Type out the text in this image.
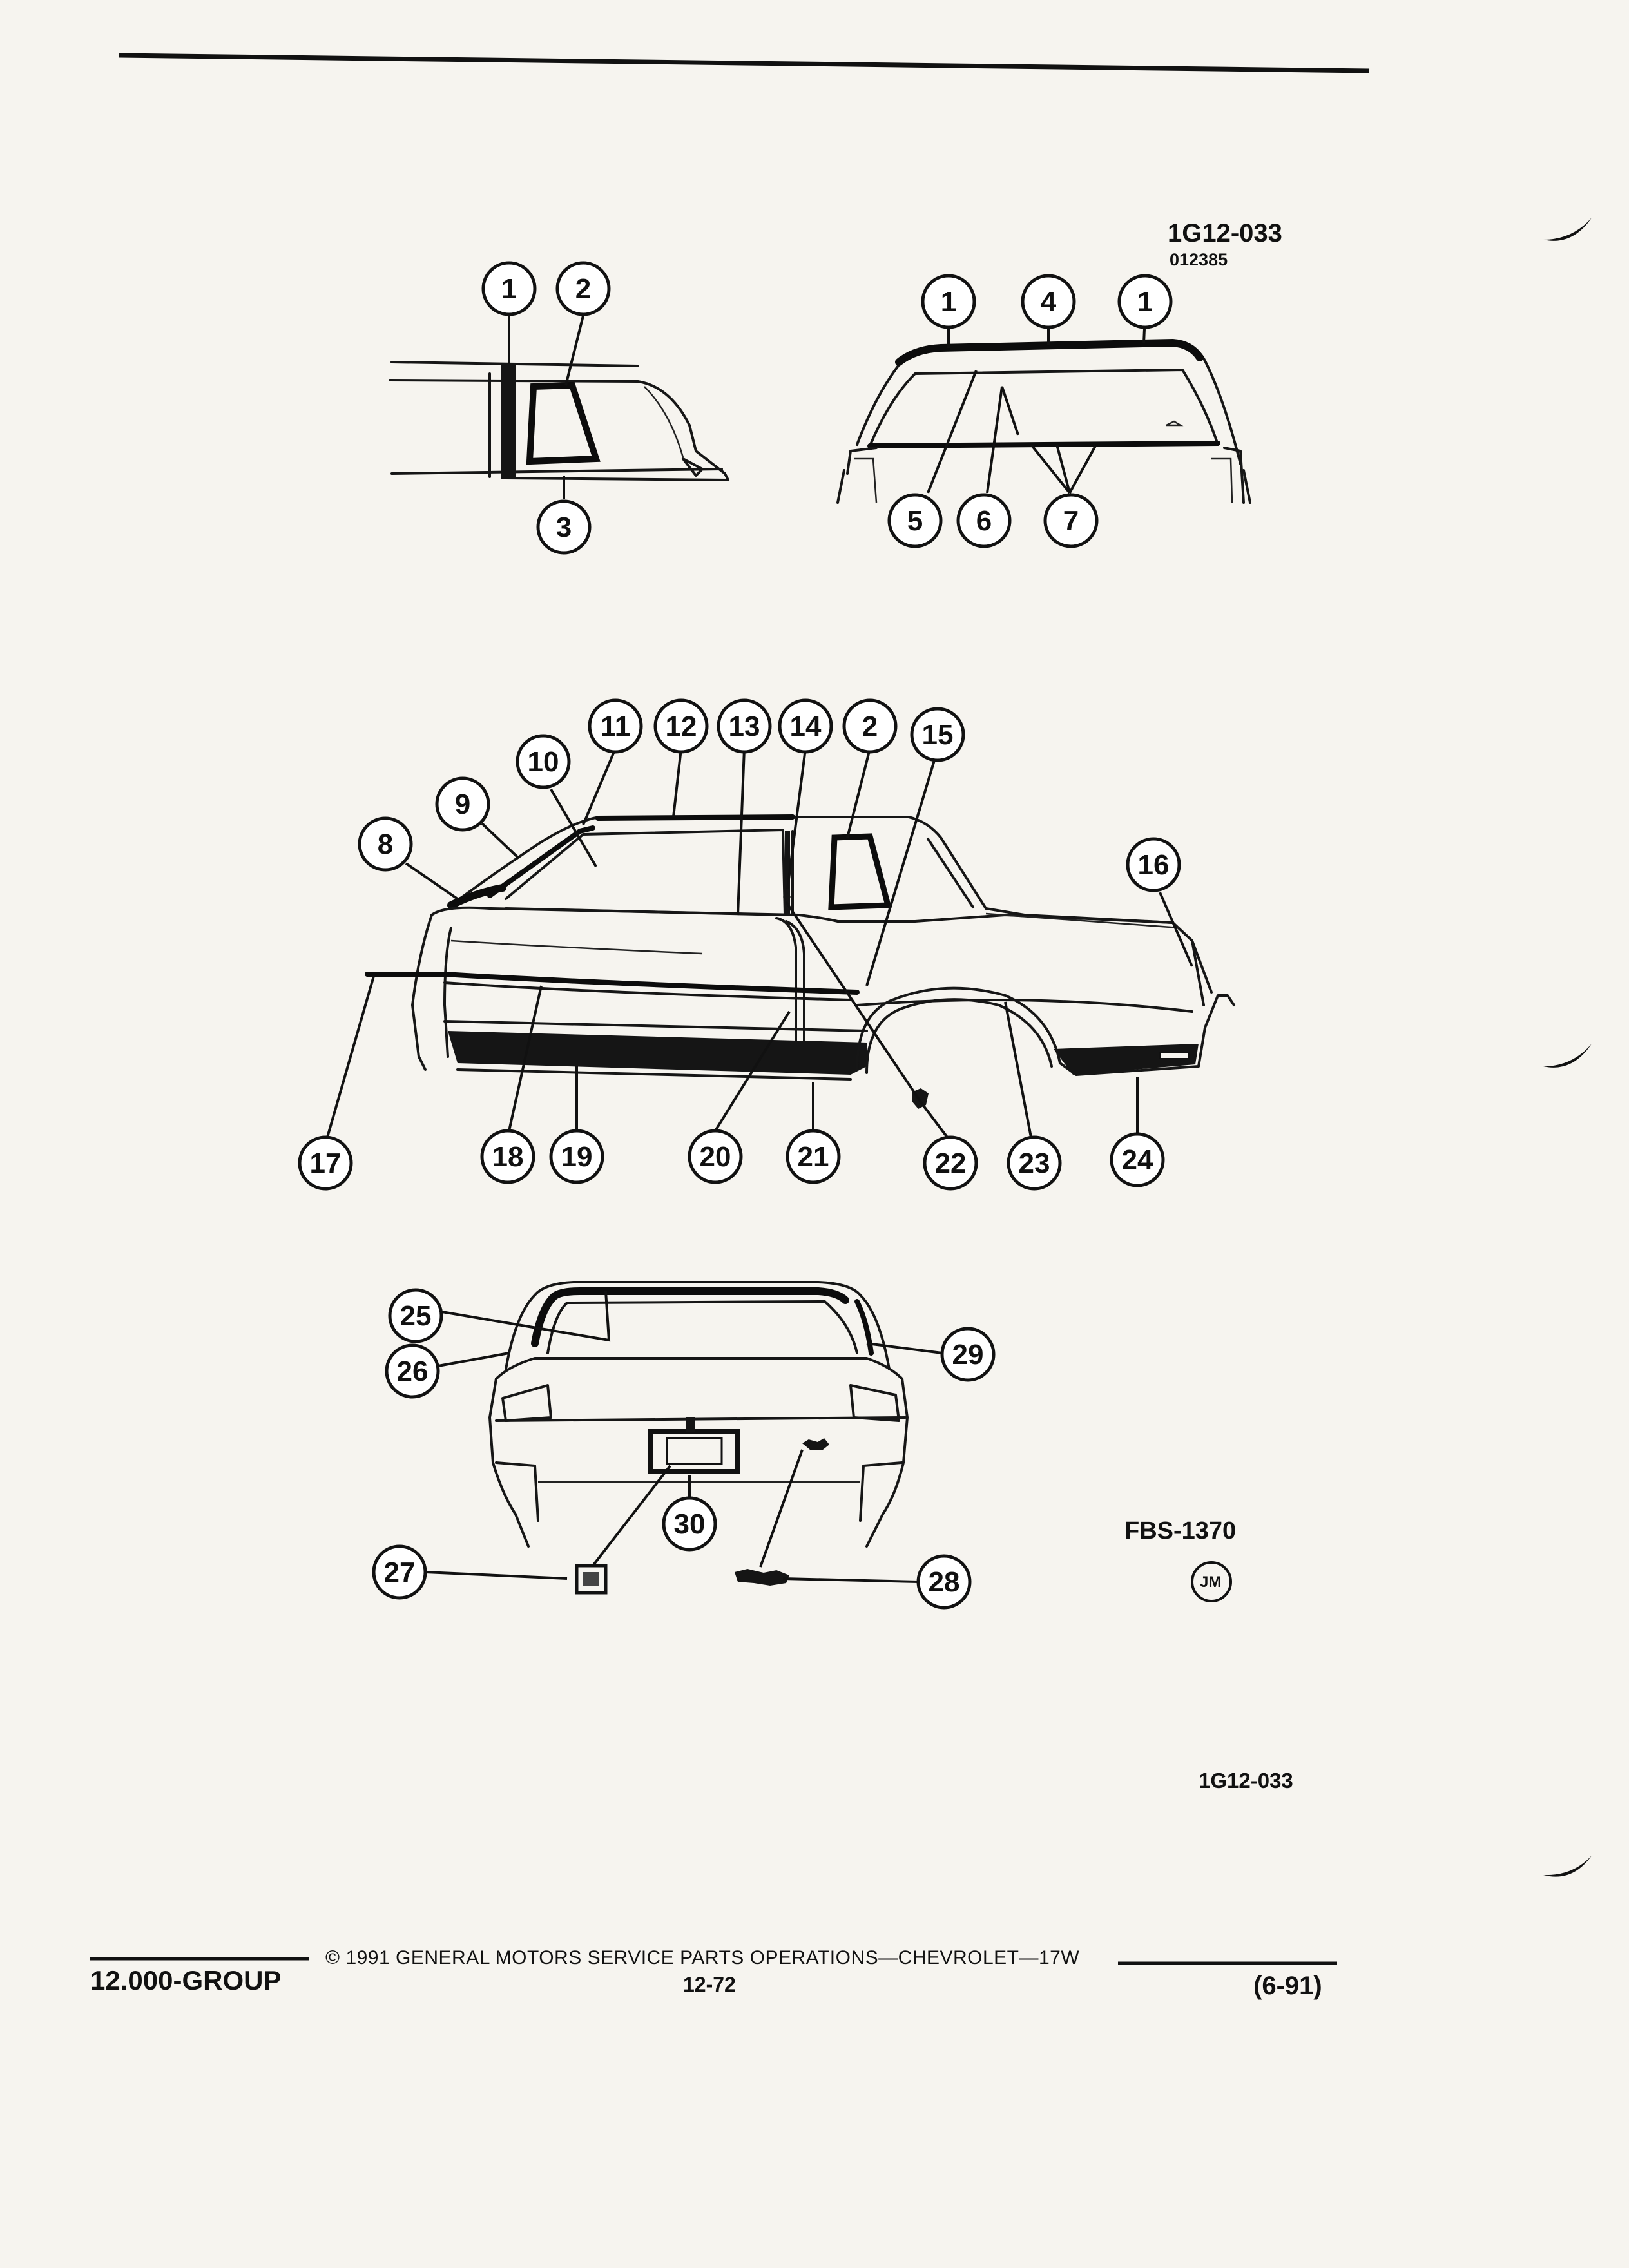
1 2
3
1	4	1
5 6	7
8
9
10
11 12 13 14 2 15
16
17	18 19	20 21	22 23	24
25
26
29
30
27	28
1G12-033
012385
FBS-1370
JM
1G12-033
12.000-GROUP
© 1991 GENERAL MOTORS SERVICE PARTS OPERATIONS—CHEVROLET—17W
12-72	(6-91)
